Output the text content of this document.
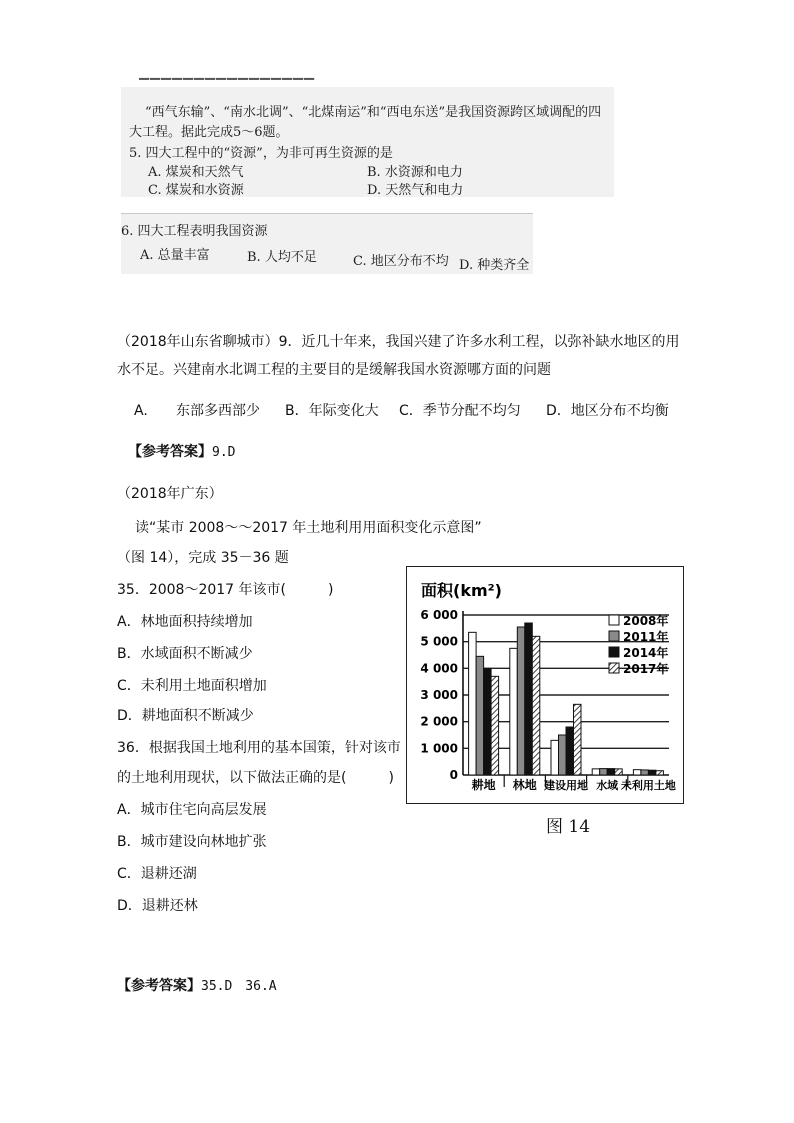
▔▔▔▔▔▔▔▔▔▔▔▔▔▔▔▔
“西气东输”、“南水北调”、“北煤南运”和“西电东送”是我国资源跨区域调配的四
大工程。据此完成5～6题。
5. 四大工程中的“资源”，为非可再生资源的是
A. 煤炭和天然气	B. 水资源和电力
C. 煤炭和水资源	D. 天然气和电力
6. 四大工程表明我国资源
A. 总量丰富	B. 人均不足	C. 地区分布不均 D. 种类齐全
（2018年山东省聊城市）9．近几十年来，我国兴建了许多水利工程，以弥补缺水地区的用
水不足。兴建南水北调工程的主要目的是缓解我国水资源哪方面的问题
A. 东部多西部少 B．年际变化大 C．季节分配不均匀 D．地区分布不均衡
【参考答案】9.D
（2018年广东）
读“某市 2008～～2017 年土地利用用面积变化示意图”
（图 14），完成 35－36 题
35．2008～2017 年该市(　　　)
A．林地面积持续增加
B．水域面积不断减少
C．未利用土地面积增加
D．耕地面积不断减少
36．根据我国土地利用的基本国策，针对该市
的土地利用现状，以下做法正确的是(　　　)
A．城市住宅向高层发展
B．城市建设向林地扩张
C．退耕还湖
D．退耕还林
【参考答案】35.D　36.A
面积(km²)
0
1 000
2 000
3 000
4 000
5 000
6 000
耕地 林地 建设用地 水域 未利用土地
2008年
2011年
2014年
2017年
图 14
